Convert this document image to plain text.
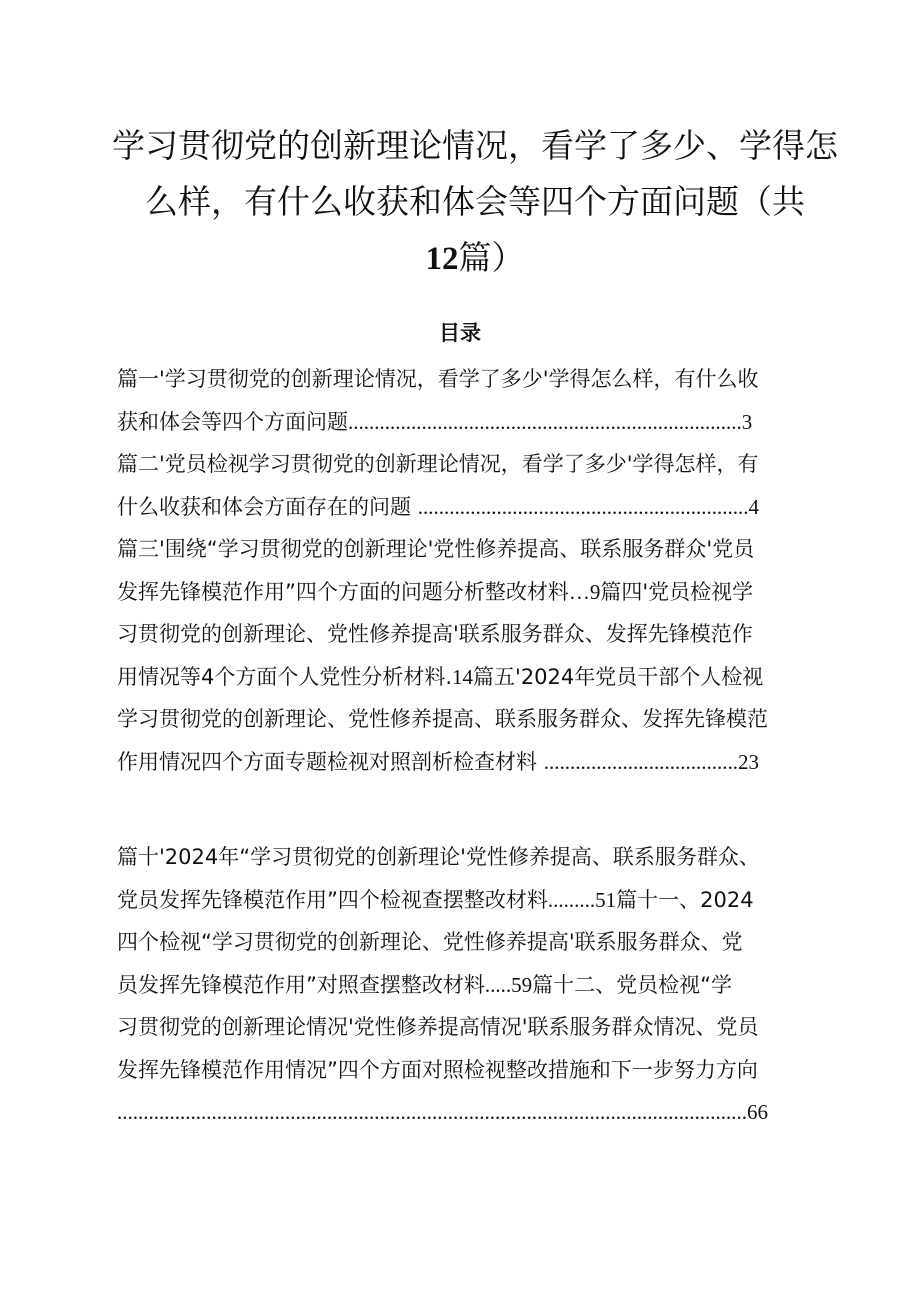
学习贯彻党的创新理论情况，看学了多少、学得怎
么样，有什么收获和体会等四个方面问题（共
12篇）
目录
篇一'学习贯彻党的创新理论情况，看学了多少'学得怎么样，有什么收
获和体会等四个方面问题...........................................................................3
篇二'党员检视学习贯彻党的创新理论情况，看学了多少'学得怎样，有
什么收获和体会方面存在的问题 ...............................................................4
篇三'围绕“学习贯彻党的创新理论'党性修养提高、联系服务群众'党员
发挥先锋模范作用”四个方面的问题分析整改材料…9篇四'党员检视学
习贯彻党的创新理论、党性修养提高'联系服务群众、发挥先锋模范作
用情况等4个方面个人党性分析材料.14篇五'2024年党员干部个人检视
学习贯彻党的创新理论、党性修养提高、联系服务群众、发挥先锋模范
作用情况四个方面专题检视对照剖析检查材料 .....................................23
篇十'2024年“学习贯彻党的创新理论'党性修养提高、联系服务群众、
党员发挥先锋模范作用”四个检视查摆整改材料.........51篇十一、2024
四个检视“学习贯彻党的创新理论、党性修养提高'联系服务群众、党
员发挥先锋模范作用”对照查摆整改材料.....59篇十二、党员检视“学
习贯彻党的创新理论情况'党性修养提高情况'联系服务群众情况、党员
发挥先锋模范作用情况”四个方面对照检视整改措施和下一步努力方向
........................................................................................................................66
